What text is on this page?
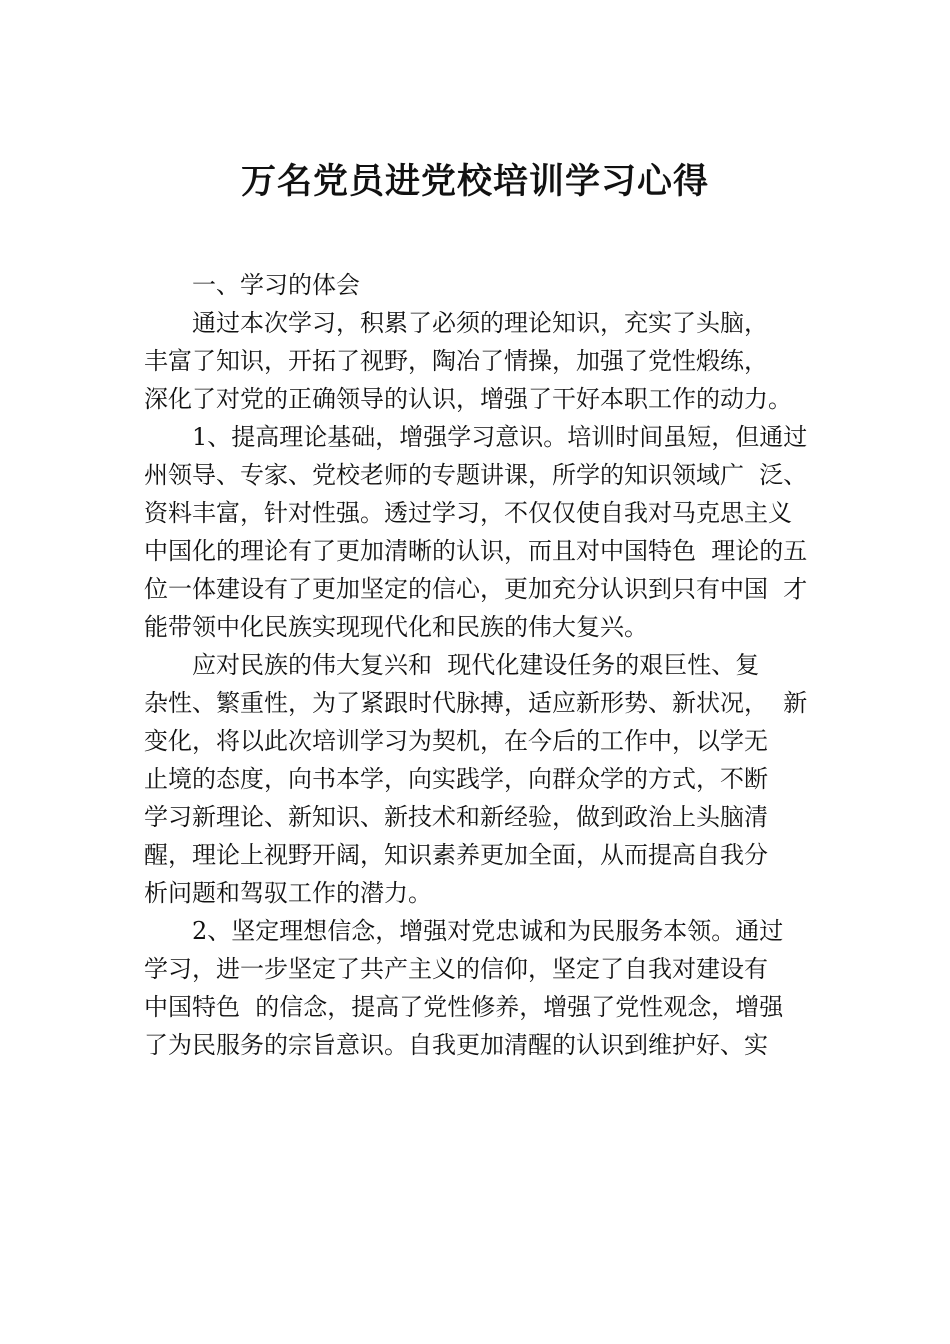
万名党员进党校培训学习心得
一、学习的体会
通过本次学习，积累了必须的理论知识，充实了头脑，
丰富了知识，开拓了视野，陶冶了情操，加强了党性煅练，
深化了对党的正确领导的认识，增强了干好本职工作的动力。
1、提高理论基础，增强学习意识。培训时间虽短，但通过
州领导、专家、党校老师的专题讲课，所学的知识领域广  泛、
资料丰富，针对性强。透过学习，不仅仅使自我对马克思主义
中国化的理论有了更加清晰的认识，而且对中国特色  理论的五
位一体建设有了更加坚定的信心，更加充分认识到只有中国  才
能带领中化民族实现现代化和民族的伟大复兴。
应对民族的伟大复兴和  现代化建设任务的艰巨性、复
杂性、繁重性，为了紧跟时代脉搏，适应新形势、新状况，  新
变化，将以此次培训学习为契机，在今后的工作中，以学无
止境的态度，向书本学，向实践学，向群众学的方式，不断
学习新理论、新知识、新技术和新经验，做到政治上头脑清
醒，理论上视野开阔，知识素养更加全面，从而提高自我分
析问题和驾驭工作的潜力。
2、坚定理想信念，增强对党忠诚和为民服务本领。通过
学习，进一步坚定了共产主义的信仰，坚定了自我对建设有
中国特色  的信念，提高了党性修养，增强了党性观念，增强
了为民服务的宗旨意识。自我更加清醒的认识到维护好、实
